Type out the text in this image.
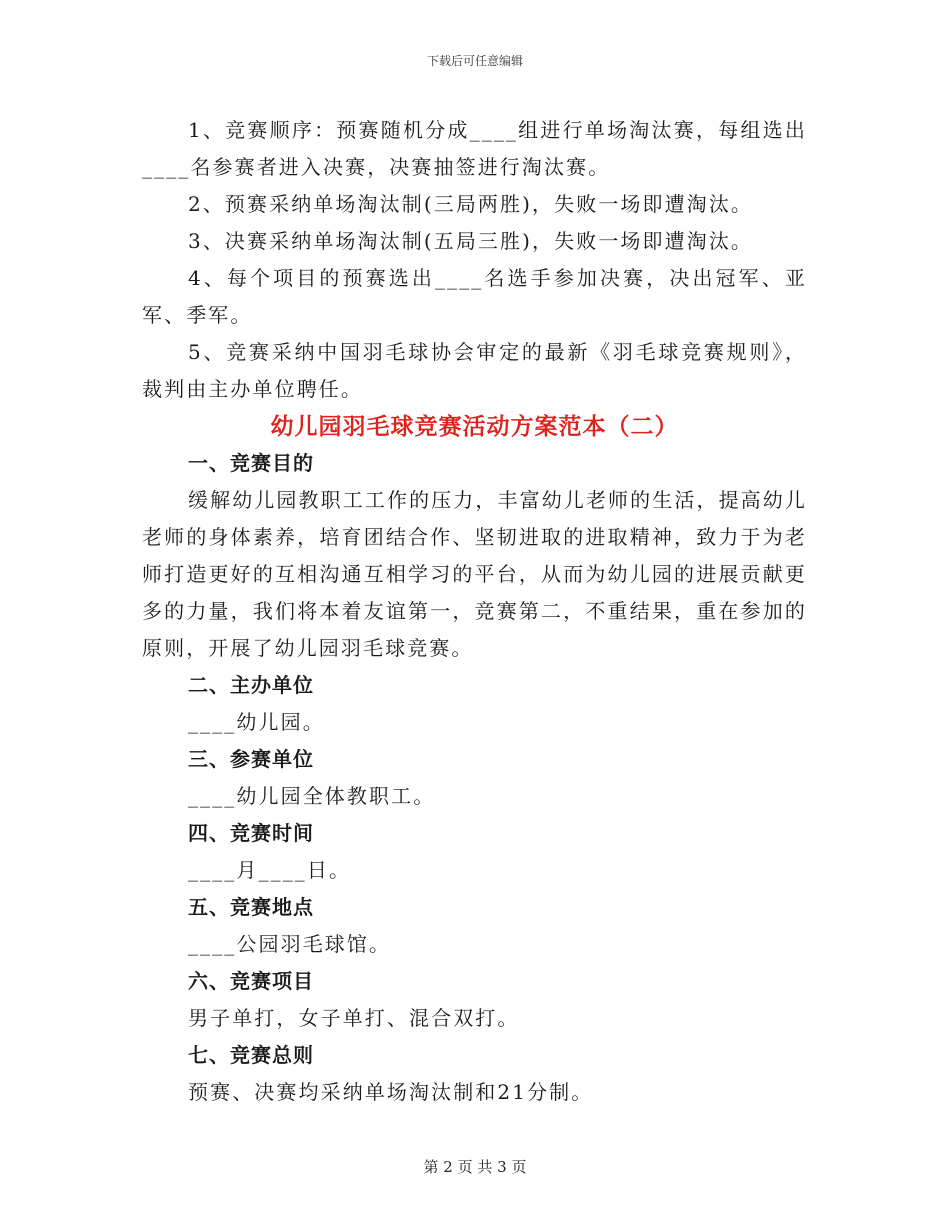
下载后可任意编辑

1、竞赛顺序：预赛随机分成____组进行单场淘汰赛，每组选出____名参赛者进入决赛，决赛抽签进行淘汰赛。

2、预赛采纳单场淘汰制(三局两胜)，失败一场即遭淘汰。

3、决赛采纳单场淘汰制(五局三胜)，失败一场即遭淘汰。

4、每个项目的预赛选出____名选手参加决赛，决出冠军、亚军、季军。

5、竞赛采纳中国羽毛球协会审定的最新《羽毛球竞赛规则》，裁判由主办单位聘任。

幼儿园羽毛球竞赛活动方案范本（二）
一、竞赛目的

缓解幼儿园教职工工作的压力，丰富幼儿老师的生活，提高幼儿老师的身体素养，培育团结合作、坚韧进取的进取精神，致力于为老师打造更好的互相沟通互相学习的平台，从而为幼儿园的进展贡献更多的力量，我们将本着友谊第一，竞赛第二，不重结果，重在参加的原则，开展了幼儿园羽毛球竞赛。

二、主办单位

____幼儿园。

三、参赛单位

____幼儿园全体教职工。

四、竞赛时间

____月____日。

五、竞赛地点

____公园羽毛球馆。

六、竞赛项目

男子单打，女子单打、混合双打。

七、竞赛总则

预赛、决赛均采纳单场淘汰制和21分制。

第 2 页 共 3 页
